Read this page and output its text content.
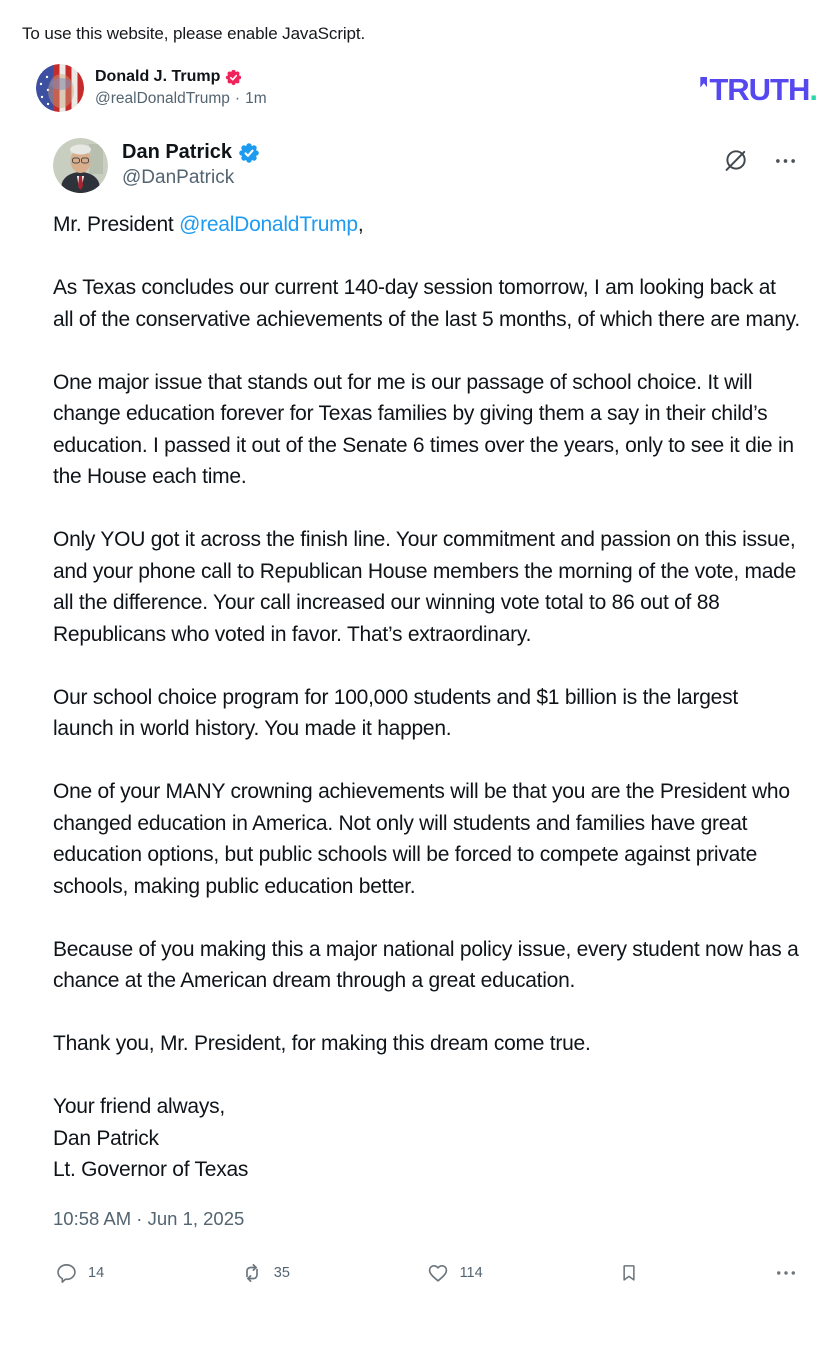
To use this website, please enable JavaScript.
Donald J. Trump
@realDonaldTrump · 1m	TRUTH .
Dan Patrick
@DanPatrick

Mr. President @realDonaldTrump,

As Texas concludes our current 140-day session tomorrow, I am looking back at all of the conservative achievements of the last 5 months, of which there are many.

One major issue that stands out for me is our passage of school choice. It will change education forever for Texas families by giving them a say in their child’s education. I passed it out of the Senate 6 times over the years, only to see it die in the House each time.

Only YOU got it across the finish line. Your commitment and passion on this issue, and your phone call to Republican House members the morning of the vote, made all the difference. Your call increased our winning vote total to 86 out of 88 Republicans who voted in favor. That’s extraordinary.

Our school choice program for 100,000 students and $1 billion is the largest launch in world history. You made it happen.

One of your MANY crowning achievements will be that you are the President who changed education in America. Not only will students and families have great education options, but public schools will be forced to compete against private schools, making public education better.

Because of you making this a major national policy issue, every student now has a chance at the American dream through a great education.

Thank you, Mr. President, for making this dream come true.

Your friend always,
Dan Patrick
Lt. Governor of Texas
10:58 AM · Jun 1, 2025
14	35	114
